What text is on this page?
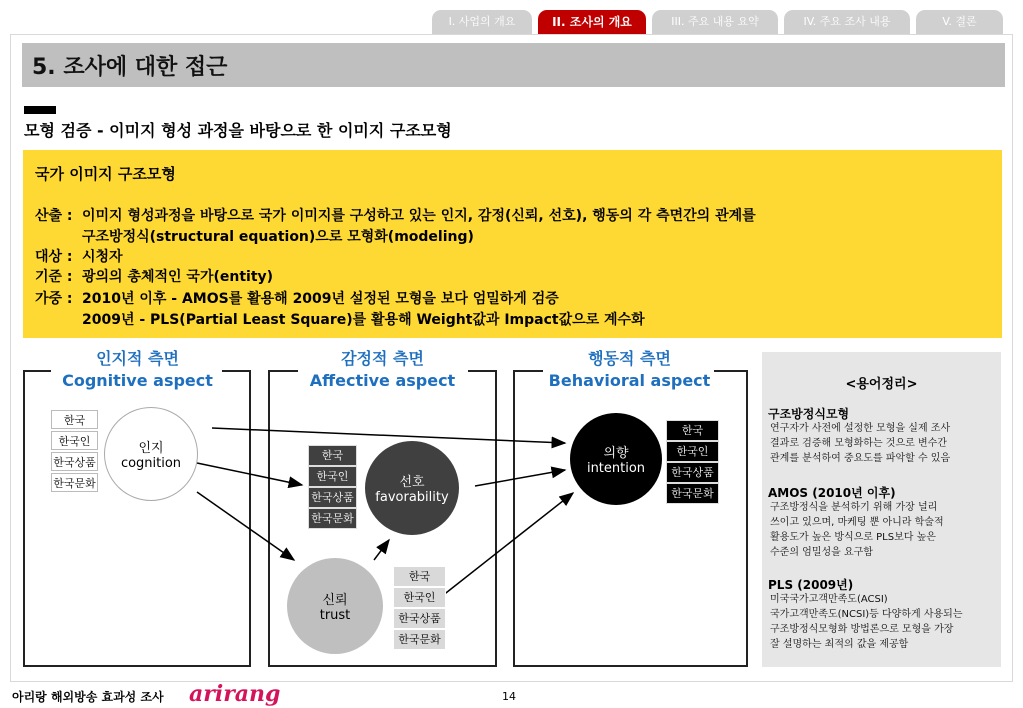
I. 사업의 개요	II. 조사의 개요	III. 주요 내용 요약	IV. 주요 조사 내용	V. 결론
5. 조사에 대한 접근
모형 검증 - 이미지 형성 과정을 바탕으로 한 이미지 구조모형
국가 이미지 구조모형
산출 : 이미지 형성과정을 바탕으로 국가 이미지를 구성하고 있는 인지, 감정(신뢰, 선호), 행동의 각 측면간의 관계를
구조방정식(structural equation)으로 모형화(modeling)
대상 : 시청자
기준 : 광의의 총체적인 국가(entity)
가중 : 2010년 이후 - AMOS를 활용해 2009년 설정된 모형을 보다 엄밀하게 검증
2009년 - PLS(Partial Least Square)를 활용해 Weight값과 Impact값으로 계수화
인지적 측면
Cognitive aspect
감정적 측면
Affective aspect
행동적 측면
Behavioral aspect
한국
한국인
한국상품
한국문화
인지
cognition
한국
한국인
한국상품
한국문화
선호
favorability
신뢰
trust
한국
한국인
한국상품
한국문화
의향
intention
한국
한국인
한국상품
한국문화
<용어정리>
구조방정식모형
연구자가 사전에 설정한 모형을 실제 조사
결과로 검증해 모형화하는 것으로 변수간
관계를 분석하여 중요도를 파악할 수 있음
AMOS (2010년 이후)
구조방정식을 분석하기 위해 가장 널리
쓰이고 있으며, 마케팅 뿐 아니라 학술적
활용도가 높은 방식으로 PLS보다 높은
수준의 엄밀성을 요구함
PLS (2009년)
미국국가고객만족도(ACSI)
국가고객만족도(NCSI)등 다양하게 사용되는
구조방정식모형화 방법론으로 모형을 가장
잘 설명하는 최적의 값을 제공함
아리랑 해외방송 효과성 조사 arirang	14
